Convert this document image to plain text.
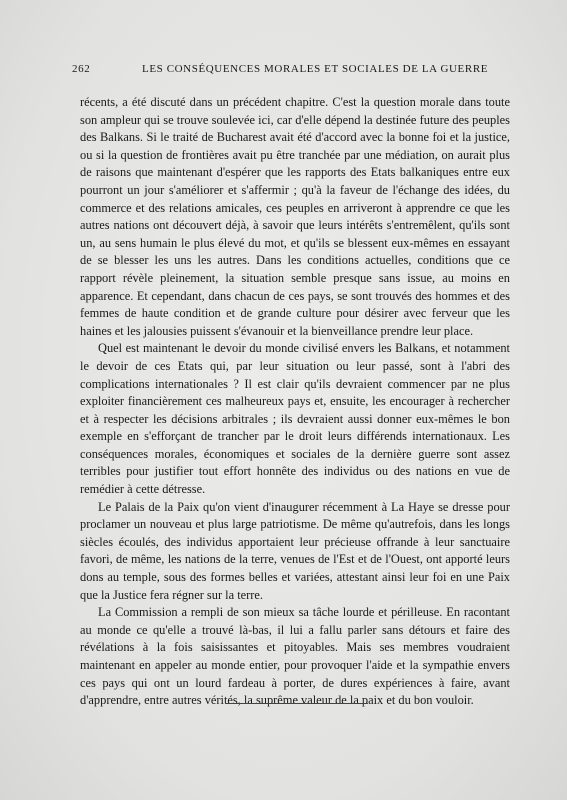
262	LES CONSÉQUENCES MORALES ET SOCIALES DE LA GUERRE

récents, a été discuté dans un précédent chapitre. C'est la question morale dans toute son ampleur qui se trouve soulevée ici, car d'elle dépend la destinée future des peuples des Balkans. Si le traité de Bucharest avait été d'accord avec la bonne foi et la justice, ou si la question de frontières avait pu être tranchée par une médiation, on aurait plus de raisons que maintenant d'espérer que les rapports des Etats balkaniques entre eux pourront un jour s'améliorer et s'affermir ; qu'à la faveur de l'échange des idées, du commerce et des relations amicales, ces peuples en arriveront à apprendre ce que les autres nations ont découvert déjà, à savoir que leurs intérêts s'entremêlent, qu'ils sont un, au sens humain le plus élevé du mot, et qu'ils se blessent eux-mêmes en essayant de se blesser les uns les autres. Dans les conditions actuelles, conditions que ce rapport révèle pleinement, la situation semble presque sans issue, au moins en apparence. Et cependant, dans chacun de ces pays, se sont trouvés des hommes et des femmes de haute condition et de grande culture pour désirer avec ferveur que les haines et les jalousies puissent s'évanouir et la bienveillance prendre leur place.

Quel est maintenant le devoir du monde civilisé envers les Balkans, et notamment le devoir de ces Etats qui, par leur situation ou leur passé, sont à l'abri des complications internationales ? Il est clair qu'ils devraient commencer par ne plus exploiter financièrement ces malheureux pays et, ensuite, les encourager à rechercher et à respecter les décisions arbitrales ; ils devraient aussi donner eux-mêmes le bon exemple en s'efforçant de trancher par le droit leurs différends internationaux. Les conséquences morales, économiques et sociales de la dernière guerre sont assez terribles pour justifier tout effort honnête des individus ou des nations en vue de remédier à cette détresse.

Le Palais de la Paix qu'on vient d'inaugurer récemment à La Haye se dresse pour proclamer un nouveau et plus large patriotisme. De même qu'autrefois, dans les longs siècles écoulés, des individus apportaient leur précieuse offrande à leur sanctuaire favori, de même, les nations de la terre, venues de l'Est et de l'Ouest, ont apporté leurs dons au temple, sous des formes belles et variées, attestant ainsi leur foi en une Paix que la Justice fera régner sur la terre.

La Commission a rempli de son mieux sa tâche lourde et périlleuse. En racontant au monde ce qu'elle a trouvé là-bas, il lui a fallu parler sans détours et faire des révélations à la fois saisissantes et pitoyables. Mais ses membres voudraient maintenant en appeler au monde entier, pour provoquer l'aide et la sympathie envers ces pays qui ont un lourd fardeau à porter, de dures expériences à faire, avant d'apprendre, entre autres vérités, la suprême valeur de la paix et du bon vouloir.
